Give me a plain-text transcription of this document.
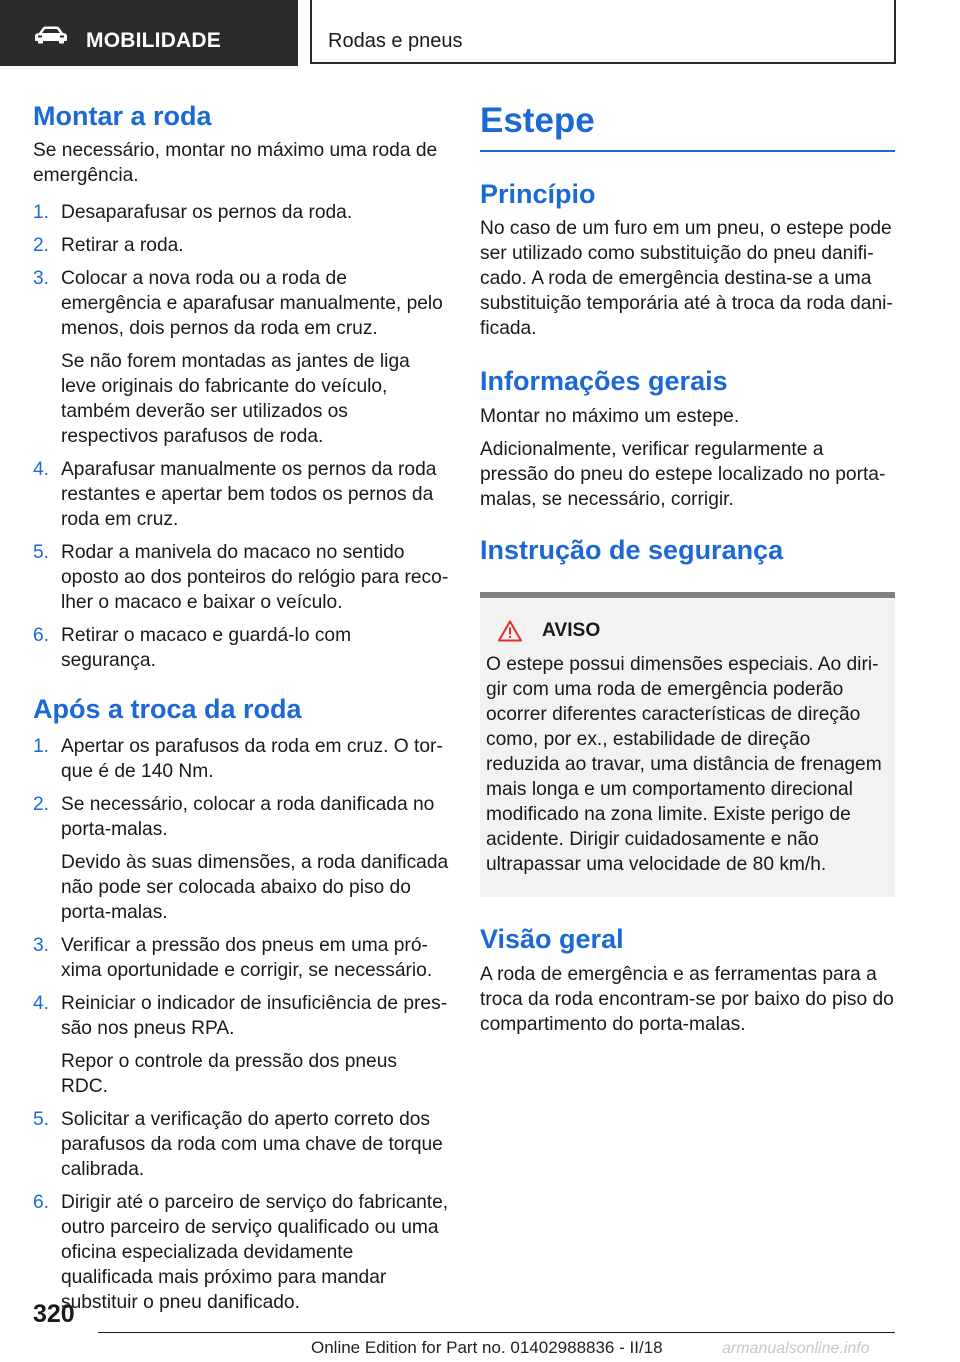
MOBILIDADE	Rodas e pneus
Montar a roda

Se necessário, montar no máximo uma roda de emergência.

1. Desaparafusar os pernos da roda.
2. Retirar a roda.
3. Colocar a nova roda ou a roda de emergência e aparafusar manualmente, pelo menos, dois pernos da roda em cruz.
Se não forem montadas as jantes de liga leve originais do fabricante do veículo, também deverão ser utilizados os respectivos parafusos de roda.
4. Aparafusar manualmente os pernos da roda restantes e apertar bem todos os pernos da roda em cruz.
5. Rodar a manivela do macaco no sentido oposto ao dos ponteiros do relógio para recolher o macaco e baixar o veículo.
6. Retirar o macaco e guardá-lo com segurança.
Após a troca da roda
1. Apertar os parafusos da roda em cruz. O torque é de 140 Nm.
2. Se necessário, colocar a roda danificada no porta-malas.
Devido às suas dimensões, a roda danificada não pode ser colocada abaixo do piso do porta-malas.
3. Verificar a pressão dos pneus em uma próxima oportunidade e corrigir, se necessário.
4. Reiniciar o indicador de insuficiência de pressão nos pneus RPA.
Repor o controle da pressão dos pneus RDC.
5. Solicitar a verificação do aperto correto dos parafusos da roda com uma chave de torque calibrada.
6. Dirigir até o parceiro de serviço do fabricante, outro parceiro de serviço qualificado ou uma oficina especializada devidamente qualificada mais próximo para mandar substituir o pneu danificado.
Estepe
Princípio

No caso de um furo em um pneu, o estepe pode ser utilizado como substituição do pneu danificado. A roda de emergência destina-se a uma substituição temporária até à troca da roda danificada.

Informações gerais

Montar no máximo um estepe.

Adicionalmente, verificar regularmente a pressão do pneu do estepe localizado no porta-malas, se necessário, corrigir.

Instrução de segurança
AVISO

O estepe possui dimensões especiais. Ao dirigir com uma roda de emergência poderão ocorrer diferentes características de direção como, por ex., estabilidade de direção reduzida ao travar, uma distância de frenagem mais longa e um comportamento direcional modificado na zona limite. Existe perigo de acidente. Dirigir cuidadosamente e não ultrapassar uma velocidade de 80 km/h.

Visão geral

A roda de emergência e as ferramentas para a troca da roda encontram-se por baixo do piso do compartimento do porta-malas.

320
Online Edition for Part no. 01402988836 - II/18	armanualsonline.info
